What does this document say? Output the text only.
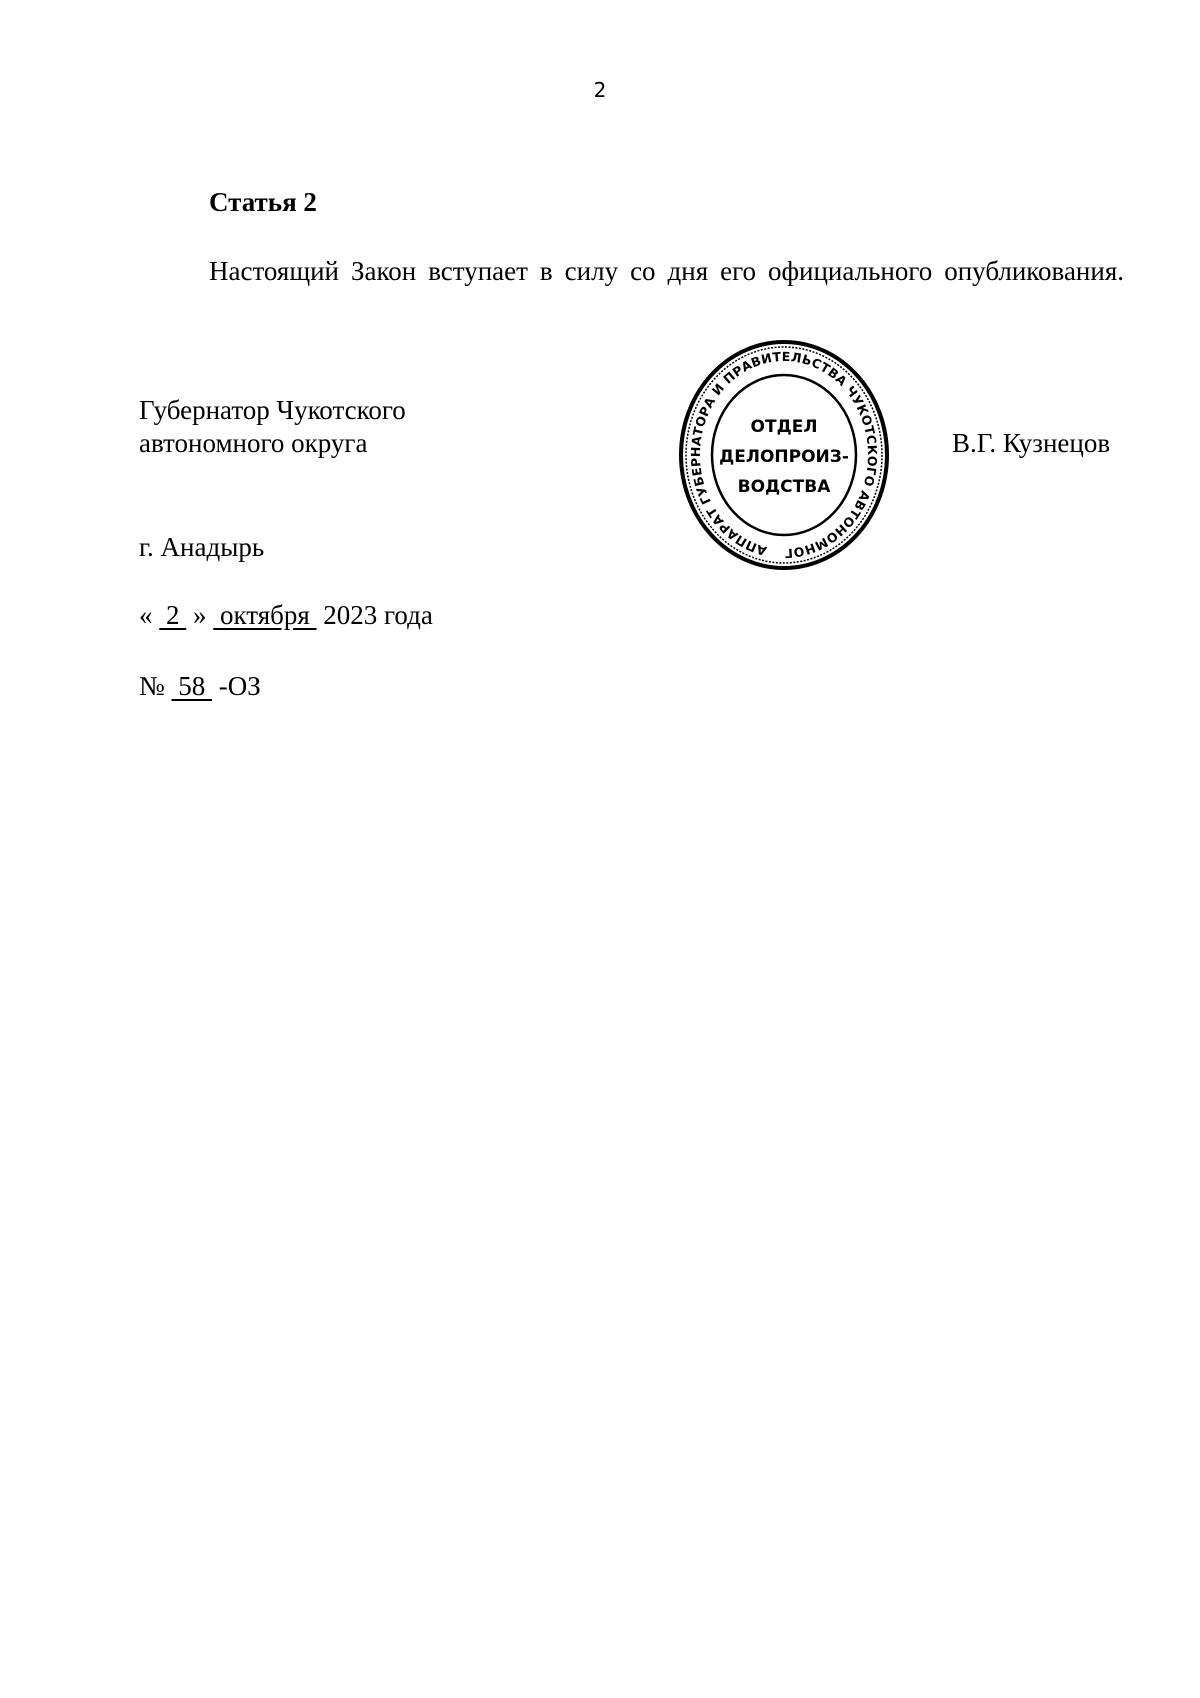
2
Статья 2
Настоящий Закон вступает в силу со дня его официального опубликования.
Губернатор Чукотского
автономного округа
АППАРАТ ГУБЕРНАТОРА И ПРАВИТЕЛЬСТВА ЧУКОТСКОГО АВТОНОМНОГ
ОТДЕЛ
ДЕЛОПРОИЗ-
ВОДСТВА
В.Г. Кузнецов
г. Анадырь
«  2  »  октября  2023 года
№  58  -ОЗ
